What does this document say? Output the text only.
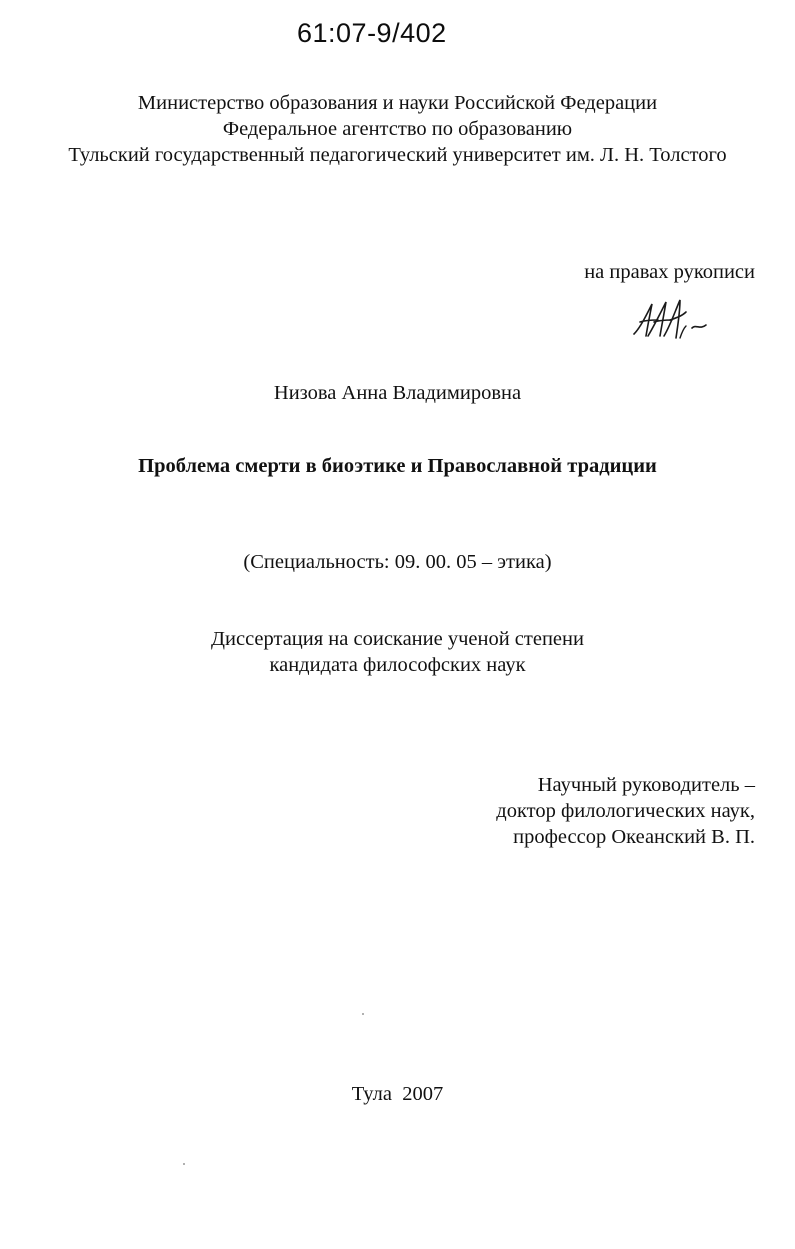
61:07-9/402
Министерство образования и науки Российской Федерации
Федеральное агентство по образованию
Тульский государственный педагогический университет им. Л. Н. Толстого
на правах рукописи
Низова Анна Владимировна
Проблема смерти в биоэтике и Православной традиции
(Специальность: 09. 00. 05 – этика)
Диссертация на соискание ученой степени
кандидата философских наук
Научный руководитель –
доктор филологических наук,
профессор Океанский В. П.
Тула  2007
